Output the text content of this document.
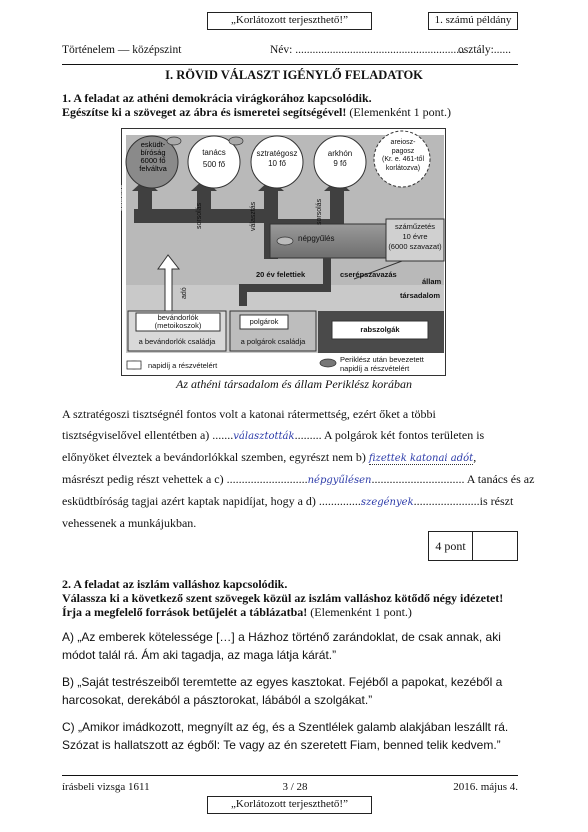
„Korlátozott terjeszthető!”	1. számú példány
Történelem — középszint	Név: ...........................................................
osztály:......
I. RÖVID VÁLASZT IGÉNYLŐ FELADATOK
1. A feladat az athéni demokrácia virágkorához kapcsolódik.
Egészítse ki a szöveget az ábra és ismeretei segítségével! (Elemenként 1 pont.)
esküdt-
bíróság
6000 fő
felváltva
tanács
500 fő
sztratégosz
10 fő
arkhón
9 fő
areiosz-
pagosz
(Kr. e. 461-től
korlátozva)
sorsolás
sorsolás	választás	sorsolás
népgyűlés
száműzetés
10 évre
(6000 szavazat)
20 év felettiek	cserépszavazás
állam
társadalom
adó
bevándorlók
(metoikoszok)
a bevándorlók családja
polgárok
a polgárok családja
rabszolgák
napidíj a részvételért
Periklész után bevezetett
napidíj a részvételért
Az athéni társadalom és állam Periklész korában
A sztratégoszi tisztségnél fontos volt a katonai rátermettség, ezért őket a többi
tisztségviselővel ellentétben a) .......választották......... A polgárok két fontos területen is
előnyöket élveztek a bevándorlókkal szemben, egyrészt nem b) fizettek katonai adót,
másrészt pedig részt vehettek a c) ...........................népgyűlésen............................... A tanács és az
esküdtbíróság tagjai azért kaptak napidíjat, hogy a d) ..............szegények......................is részt
vehessenek a munkájukban.
4 pont
2. A feladat az iszlám valláshoz kapcsolódik.
Válassza ki a következő szent szövegek közül az iszlám valláshoz kötődő négy idézetet!
Írja a megfelelő források betűjelét a táblázatba! (Elemenként 1 pont.)
A) „Az emberek kötelessége […] a Házhoz történő zarándoklat, de csak annak, aki módot talál rá. Ám aki tagadja, az maga látja kárát.”
B) „Saját testrészeiből teremtette az egyes kasztokat. Fejéből a papokat, kezéből a harcosokat, derekából a pásztorokat, lábából a szolgákat.”
C) „Amikor imádkozott, megnyílt az ég, és a Szentlélek galamb alakjában leszállt rá. Szózat is hallatszott az égből: Te vagy az én szeretett Fiam, benned telik kedvem.”
írásbeli vizsga 1611	3 / 28	2016. május 4.
„Korlátozott terjeszthető!”
